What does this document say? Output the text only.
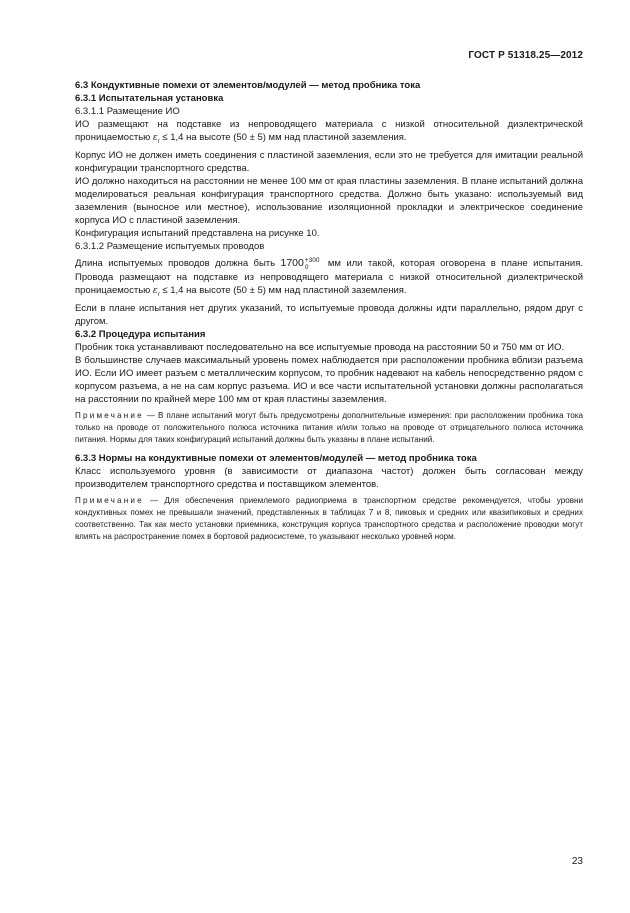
ГОСТ Р 51318.25—2012

6.3 Кондуктивные помехи от элементов/модулей — метод пробника тока

6.3.1 Испытательная установка

6.3.1.1 Размещение ИО

ИО размещают на подставке из непроводящего материала с низкой относительной диэлектрической проницаемостью $\varepsilon_r \le 1,4$ на высоте (50 ± 5) мм над пластиной заземления.

Корпус ИО не должен иметь соединения с пластиной заземления, если это не требуется для имитации реальной конфигурации транспортного средства.

ИО должно находиться на расстоянии не менее 100 мм от края пластины заземления. В плане испытаний должна моделироваться реальная конфигурация транспортного средства. Должно быть указано: используемый вид заземления (выносное или местное), использование изоляционной прокладки и электрическое соединение корпуса ИО с пластиной заземления.

Конфигурация испытаний представлена на рисунке 10.

6.3.1.2 Размещение испытуемых проводов

Длина испытуемых проводов должна быть 1700 +300
0	мм или такой, которая оговорена в плане испытания. Провода размещают на подставке из непроводящего материала с низкой относительной диэлектрической проницаемостью $\varepsilon_r \le 1,4$ на высоте (50 ± 5) мм над пластиной заземления.

Если в плане испытания нет других указаний, то испытуемые провода должны идти параллельно, рядом друг с другом.

6.3.2 Процедура испытания

Пробник тока устанавливают последовательно на все испытуемые провода на расстоянии 50 и 750 мм от ИО.

В большинстве случаев максимальный уровень помех наблюдается при расположении пробника вблизи разъема ИО. Если ИО имеет разъем с металлическим корпусом, то пробник надевают на кабель непосредственно рядом с корпусом разъема, а не на сам корпус разъема. ИО и все части испытательной установки должны располагаться на расстоянии по крайней мере 100 мм от края пластины заземления.

Примечание — В плане испытаний могут быть предусмотрены дополнительные измерения: при расположении пробника тока только на проводе от положительного полюса источника питания и/или только на проводе от отрицательного полюса источника питания. Нормы для таких конфигураций испытаний должны быть указаны в плане испытаний.

6.3.3 Нормы на кондуктивные помехи от элементов/модулей — метод пробника тока

Класс используемого уровня (в зависимости от диапазона частот) должен быть согласован между производителем транспортного средства и поставщиком элементов.

Примечание — Для обеспечения приемлемого радиоприема в транспортном средстве рекомендуется, чтобы уровни кондуктивных помех не превышали значений, представленных в таблицах 7 и 8, пиковых и средних или квазипиковых и средних соответственно. Так как место установки приемника, конструкция корпуса транспортного средства и расположение проводки могут влиять на распространение помех в бортовой радиосистеме, то указывают несколько уровней норм.

23
